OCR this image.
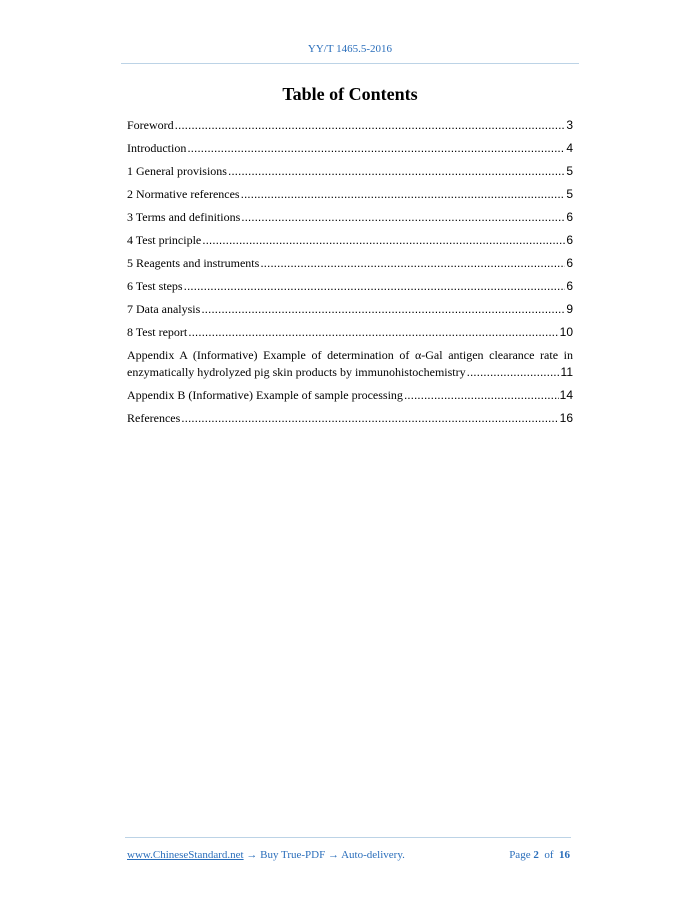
YY/T 1465.5-2016
Table of Contents
Foreword .....	3
Introduction .....	4
1 General provisions .....	5
2 Normative references .....	5
3 Terms and definitions .....	6
4 Test principle .....	6
5 Reagents and instruments .....	6
6 Test steps .....	6
7 Data analysis .....	9
8 Test report .....	10
Appendix A (Informative) Example of determination of α-Gal antigen clearance rate in
enzymatically hydrolyzed pig skin products by immunohistochemistry .....	11
Appendix B (Informative) Example of sample processing .....	14
References .....	16
www.ChineseStandard.net → Buy True-PDF → Auto-delivery.	Page 2 of 16
